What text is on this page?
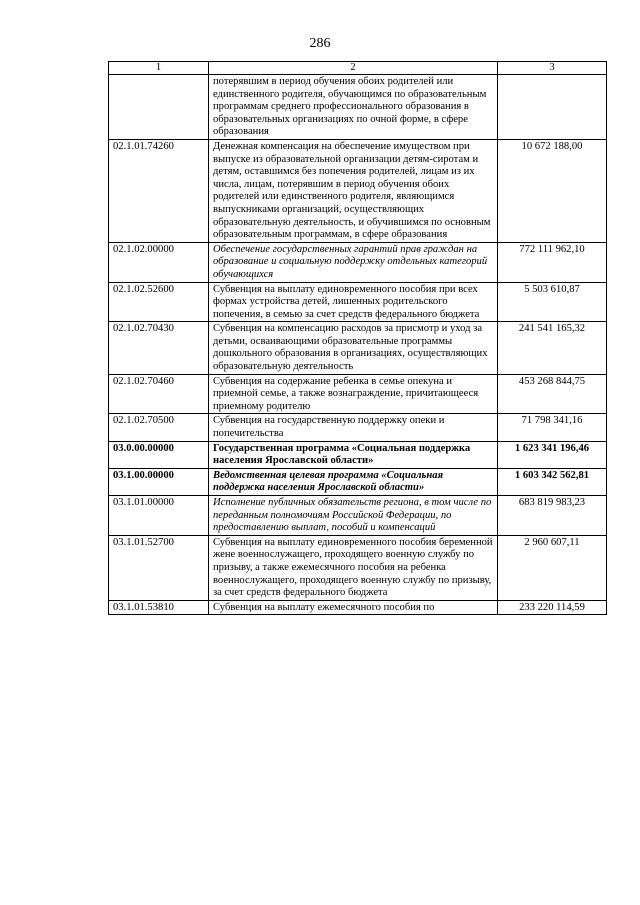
286
1	2	3
	потерявшим в период обучения обоих родителей или единственного родителя, обучающимся по образовательным программам среднего профессионального образования в образовательных организациях по очной форме, в сфере образования	
02.1.01.74260	Денежная компенсация на обеспечение имуществом при выпуске из образовательной организации детям-сиротам и детям, оставшимся без попечения родителей, лицам из их числа, лицам, потерявшим в период обучения обоих родителей или единственного родителя, являющимся выпускниками организаций, осуществляющих образовательную деятельность, и обучившимся по основным образовательным программам, в сфере образования	10 672 188,00
02.1.02.00000	Обеспечение государственных гарантий прав граждан на образование и социальную поддержку отдельных категорий обучающихся	772 111 962,10
02.1.02.52600	Субвенция на выплату единовременного пособия при всех формах устройства детей, лишенных родительского попечения, в семью за счет средств федерального бюджета	5 503 610,87
02.1.02.70430	Субвенция на компенсацию расходов за присмотр и уход за детьми, осваивающими образовательные программы дошкольного образования в организациях, осуществляющих образовательную деятельность	241 541 165,32
02.1.02.70460	Субвенция на содержание ребенка в семье опекуна и приемной семье, а также вознаграждение, причитающееся приемному родителю	453 268 844,75
02.1.02.70500	Субвенция на государственную поддержку опеки и попечительства	71 798 341,16
03.0.00.00000	Государственная программа «Социальная поддержка населения Ярославской области»	1 623 341 196,46
03.1.00.00000	Ведомственная целевая программа «Социальная поддержка населения Ярославской области»	1 603 342 562,81
03.1.01.00000	Исполнение публичных обязательств региона, в том числе по переданным полномочиям Российской Федерации, по предоставлению выплат, пособий и компенсаций	683 819 983,23
03.1.01.52700	Субвенция на выплату единовременного пособия беременной жене военнослужащего, проходящего военную службу по призыву, а также ежемесячного пособия на ребенка военнослужащего, проходящего военную службу по призыву, за счет средств федерального бюджета	2 960 607,11
03.1.01.53810	Субвенция на выплату ежемесячного пособия по	233 220 114,59
